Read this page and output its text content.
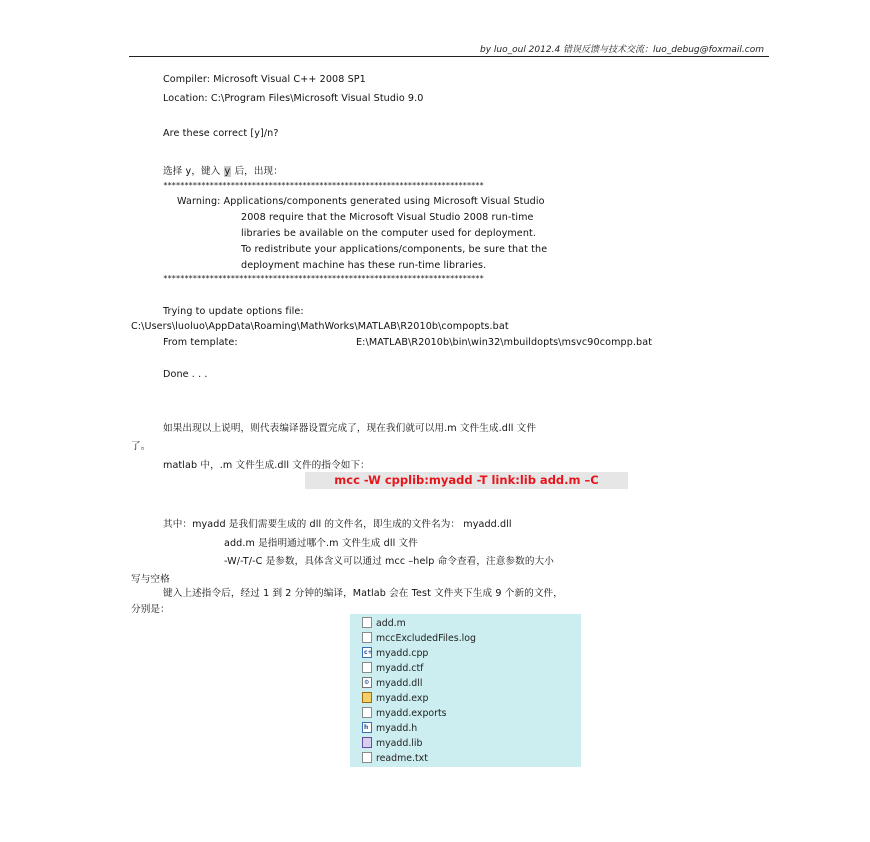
by luo_oul 2012.4 错误反馈与技术交流：luo_debug@foxmail.com
Compiler: Microsoft Visual C++ 2008 SP1
Location: C:\Program Files\Microsoft Visual Studio 9.0
Are these correct [y]/n?
选择 y，键入 y 后，出现：
****************************************************************************
Warning: Applications/components generated using Microsoft Visual Studio
2008 require that the Microsoft Visual Studio 2008 run-time
libraries be available on the computer used for deployment.
To redistribute your applications/components, be sure that the
deployment machine has these run-time libraries.
****************************************************************************
Trying to update options file:
C:\Users\luoluo\AppData\Roaming\MathWorks\MATLAB\R2010b\compopts.bat
From template:	E:\MATLAB\R2010b\bin\win32\mbuildopts\msvc90compp.bat
Done . . .
如果出现以上说明，则代表编译器设置完成了，现在我们就可以用.m 文件生成.dll 文件
了。
matlab 中，.m 文件生成.dll 文件的指令如下：
mcc -W cpplib:myadd -T link:lib add.m –C
其中：myadd 是我们需要生成的 dll 的文件名，即生成的文件名为： myadd.dll
add.m 是指明通过哪个.m 文件生成 dll 文件
-W/-T/-C 是参数，具体含义可以通过 mcc –help 命令查看，注意参数的大小
写与空格
键入上述指令后，经过 1 到 2 分钟的编译，Matlab 会在 Test 文件夹下生成 9 个新的文件，
分别是：
add.m
mccExcludedFiles.log
c+ myadd.cpp
myadd.ctf
⚙ myadd.dll
myadd.exp
myadd.exports
h myadd.h
myadd.lib
readme.txt
